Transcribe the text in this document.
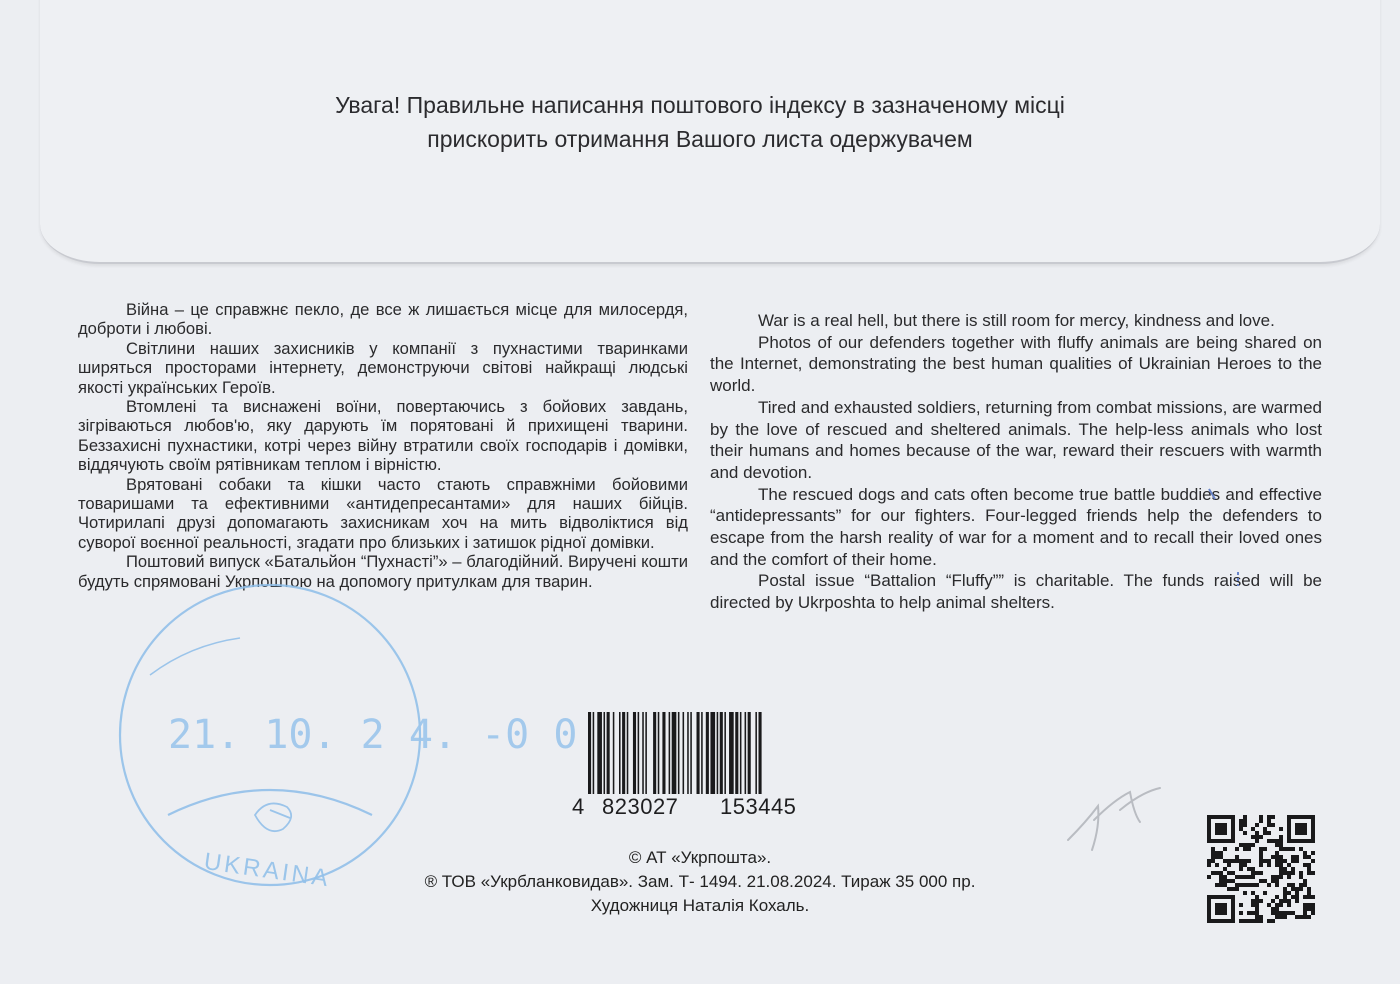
Увага! Правильне написання поштового індексу в зазначеному місці
прискорить отримання Вашого листа одержувачем

Війна – це справжнє пекло, де все ж лишається місце для милосердя, доброти і любові.

Світлини наших захисників у компанії з пухнастими тваринками ширяться просторами інтернету, демонструючи світові найкращі людські якості українських Героїв.

Втомлені та виснажені воїни, повертаючись з бойових завдань, зігріваються любов'ю, яку дарують їм порятовані й прихищені тварини. Беззахисні пухнастики, котрі через війну втратили своїх господарів і домівки, віддячують своїм рятівникам теплом і вірністю.

Врятовані собаки та кішки часто стають справжніми бойовими товаришами та ефективними «антидепресантами» для наших бійців. Чотирилапі друзі допомагають захисникам хоч на мить відволіктися від суворої воєнної реальності, згадати про близьких і затишок рідної домівки.

Поштовий випуск «Батальйон “Пухнасті”» – благодійний. Виручені кошти будуть спрямовані Укрпоштою на допомогу притулкам для тварин.

War is a real hell, but there is still room for mercy, kindness and love.

Photos of our defenders together with fluffy animals are being shared on the Internet, demonstrating the best human qualities of Ukrainian Heroes to the world.

Tired and exhausted soldiers, returning from combat missions, are warmed by the love of rescued and sheltered animals. The help-less animals who lost their humans and homes because of the war, reward their rescuers with warmth and devotion.

The rescued dogs and cats often become true battle buddies and effective “antidepressants” for our fighters. Four-legged friends help the defenders to escape from the harsh reality of war for a moment and to recall their loved ones and the comfort of their home.

Postal issue “Battalion “Fluffy”” is charitable. The funds raised will be directed by Ukrposhta to help animal shelters.

21. 10. 2 4. -0 0
UKRAINA
4 823027 153445
© АТ «Укрпошта».
® ТОВ «Укрбланковидав». Зам. Т- 1494. 21.08.2024. Тираж 35 000 пр.
Художниця Наталія Кохаль.
